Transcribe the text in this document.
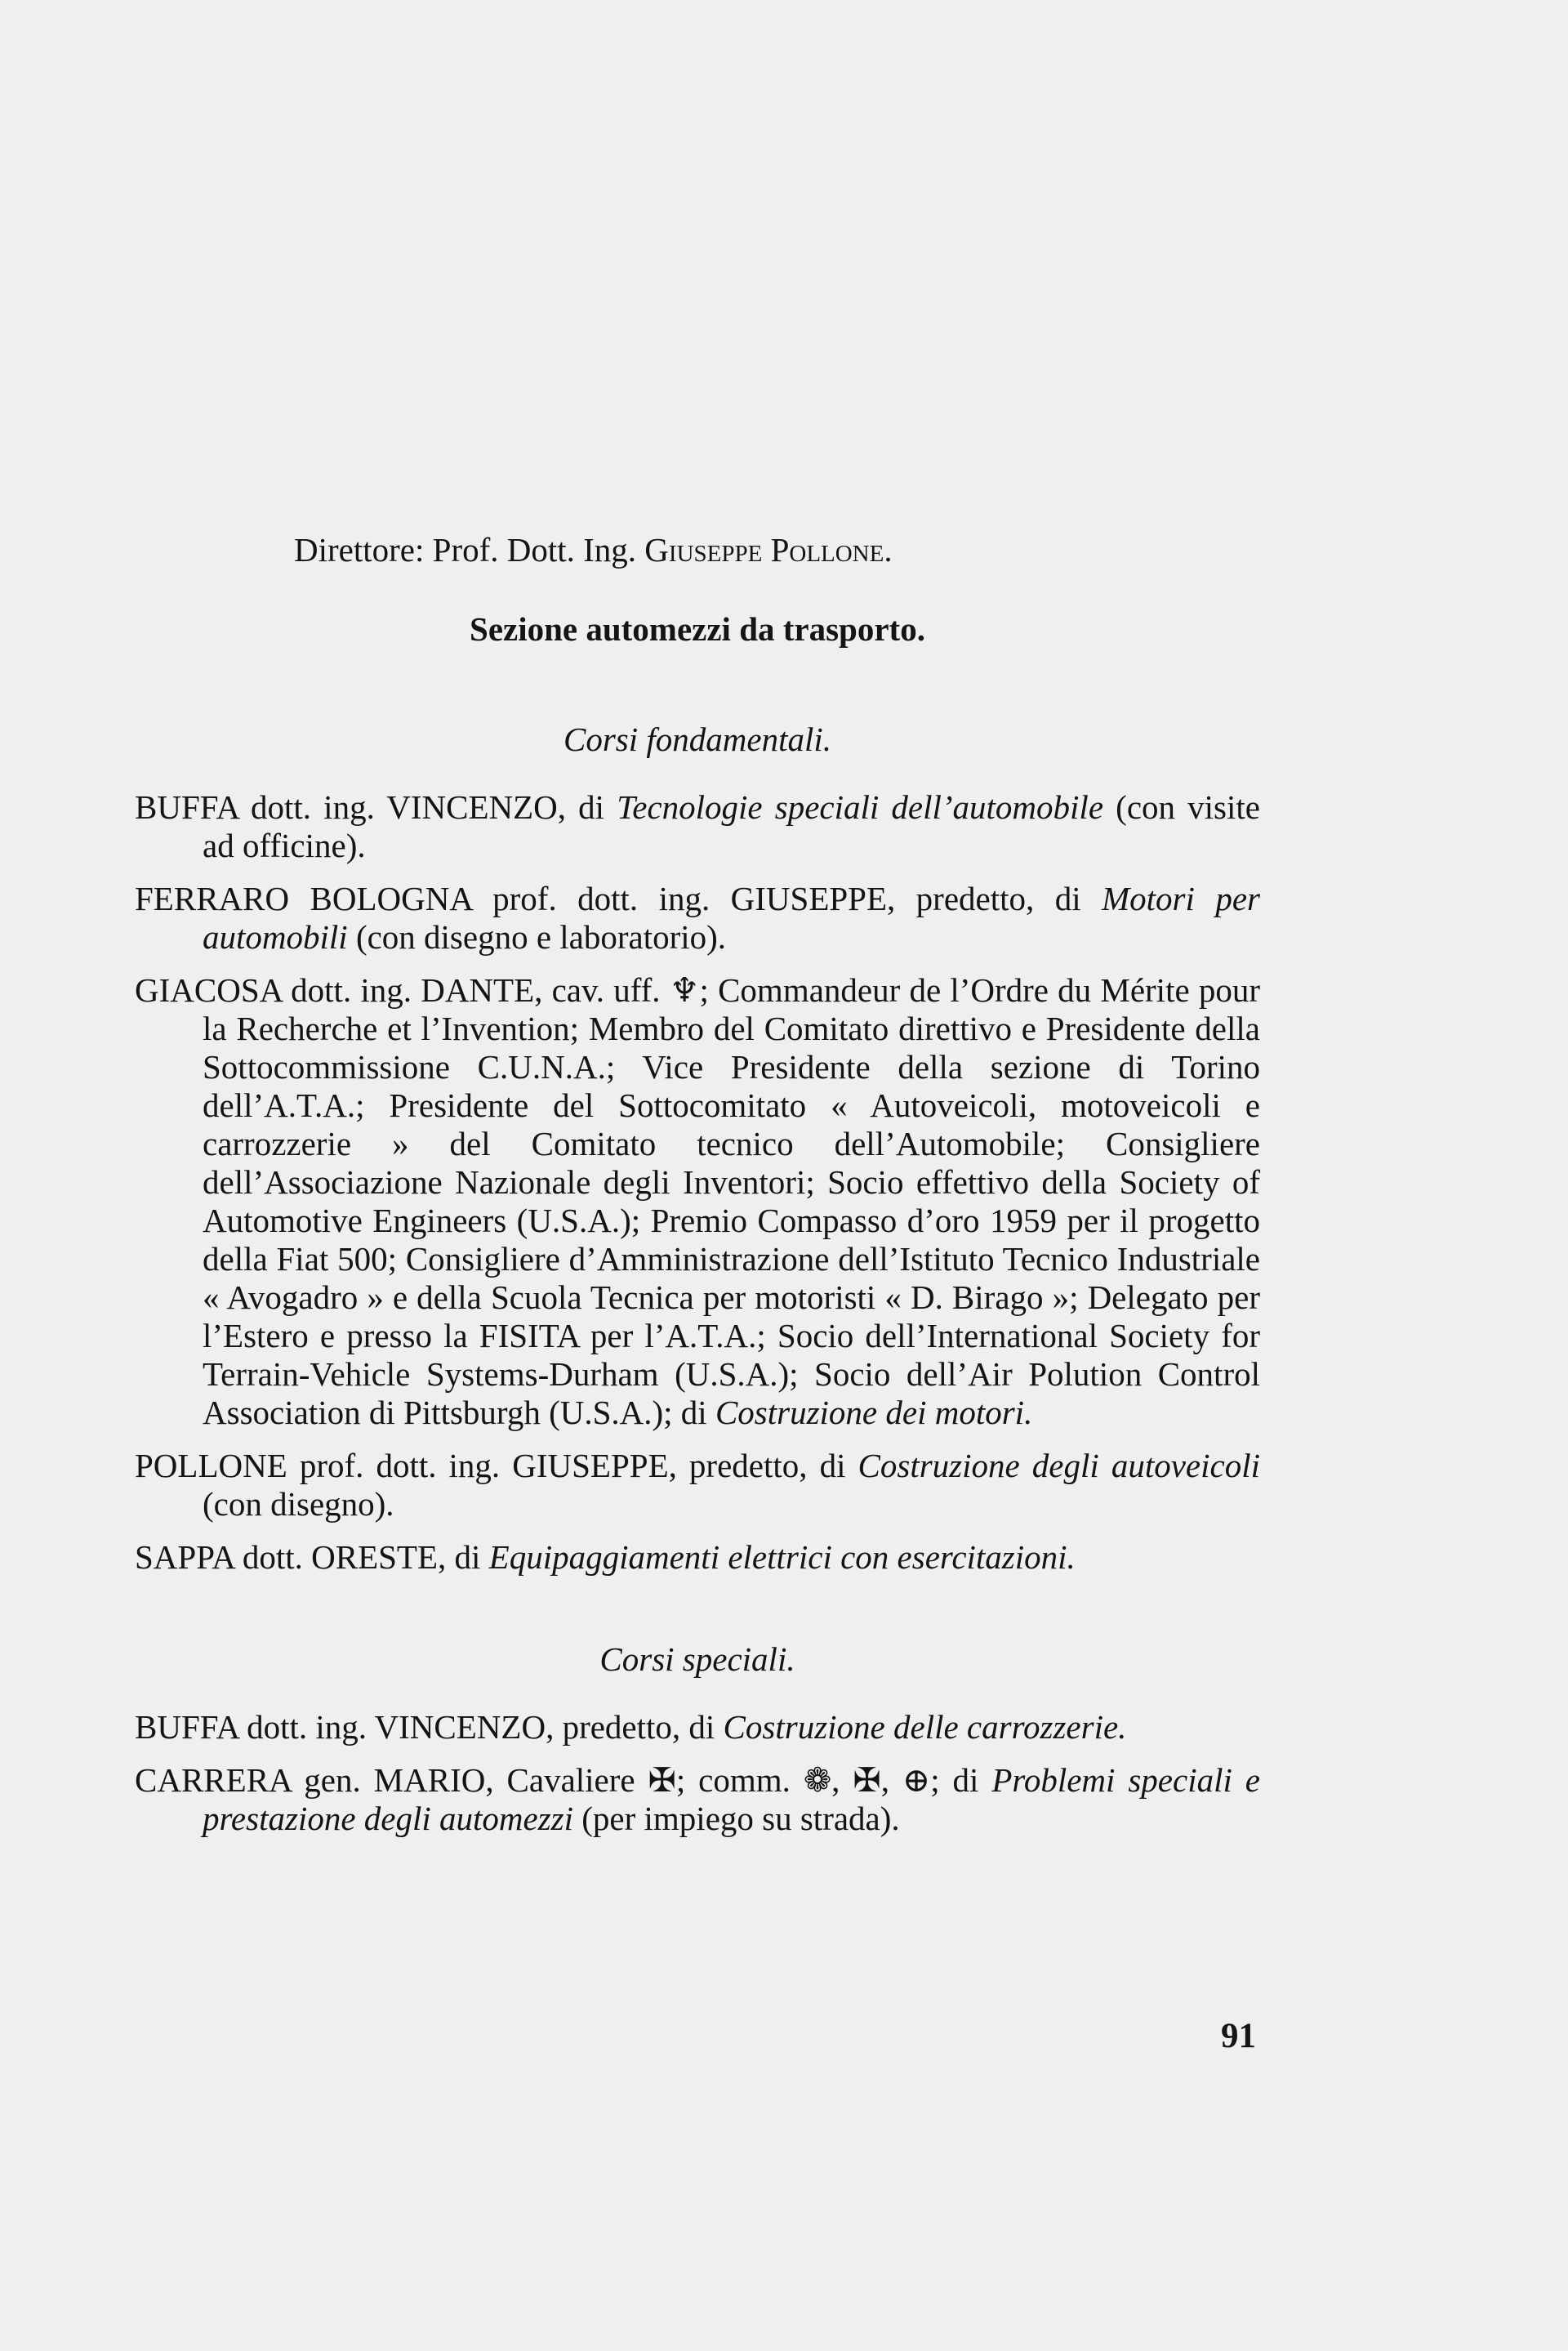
Direttore: Prof. Dott. Ing. Giuseppe Pollone.

Sezione automezzi da trasporto.

Corsi fondamentali.

BUFFA dott. ing. VINCENZO, di Tecnologie speciali dell’automobile (con visite ad officine).

FERRARO BOLOGNA prof. dott. ing. GIUSEPPE, predetto, di Motori per automobili (con disegno e laboratorio).

GIACOSA dott. ing. DANTE, cav. uff. ♆; Commandeur de l’Ordre du Mérite pour la Recherche et l’Invention; Membro del Comitato direttivo e Presidente della Sottocommissione C.U.N.A.; Vice Presidente della sezione di Torino dell’A.T.A.; Presidente del Sottocomitato « Autoveicoli, motoveicoli e carrozzerie » del Comitato tecnico dell’Automobile; Consigliere dell’Associazione Nazionale degli Inventori; Socio effettivo della Society of Automotive Engineers (U.S.A.); Premio Compasso d’oro 1959 per il progetto della Fiat 500; Consigliere d’Amministrazione dell’Istituto Tecnico Industriale « Avogadro » e della Scuola Tecnica per motoristi « D. Birago »; Delegato per l’Estero e presso la FISITA per l’A.T.A.; Socio dell’International Society for Terrain-Vehicle Systems-Durham (U.S.A.); Socio dell’Air Polution Control Association di Pittsburgh (U.S.A.); di Costruzione dei motori.

POLLONE prof. dott. ing. GIUSEPPE, predetto, di Costruzione degli autoveicoli (con disegno).

SAPPA dott. ORESTE, di Equipaggiamenti elettrici con esercitazioni.

Corsi speciali.

BUFFA dott. ing. VINCENZO, predetto, di Costruzione delle carrozzerie.

CARRERA gen. MARIO, Cavaliere ✠; comm. ❁, ✠, ⊕; di Problemi speciali e prestazione degli automezzi (per impiego su strada).

91
